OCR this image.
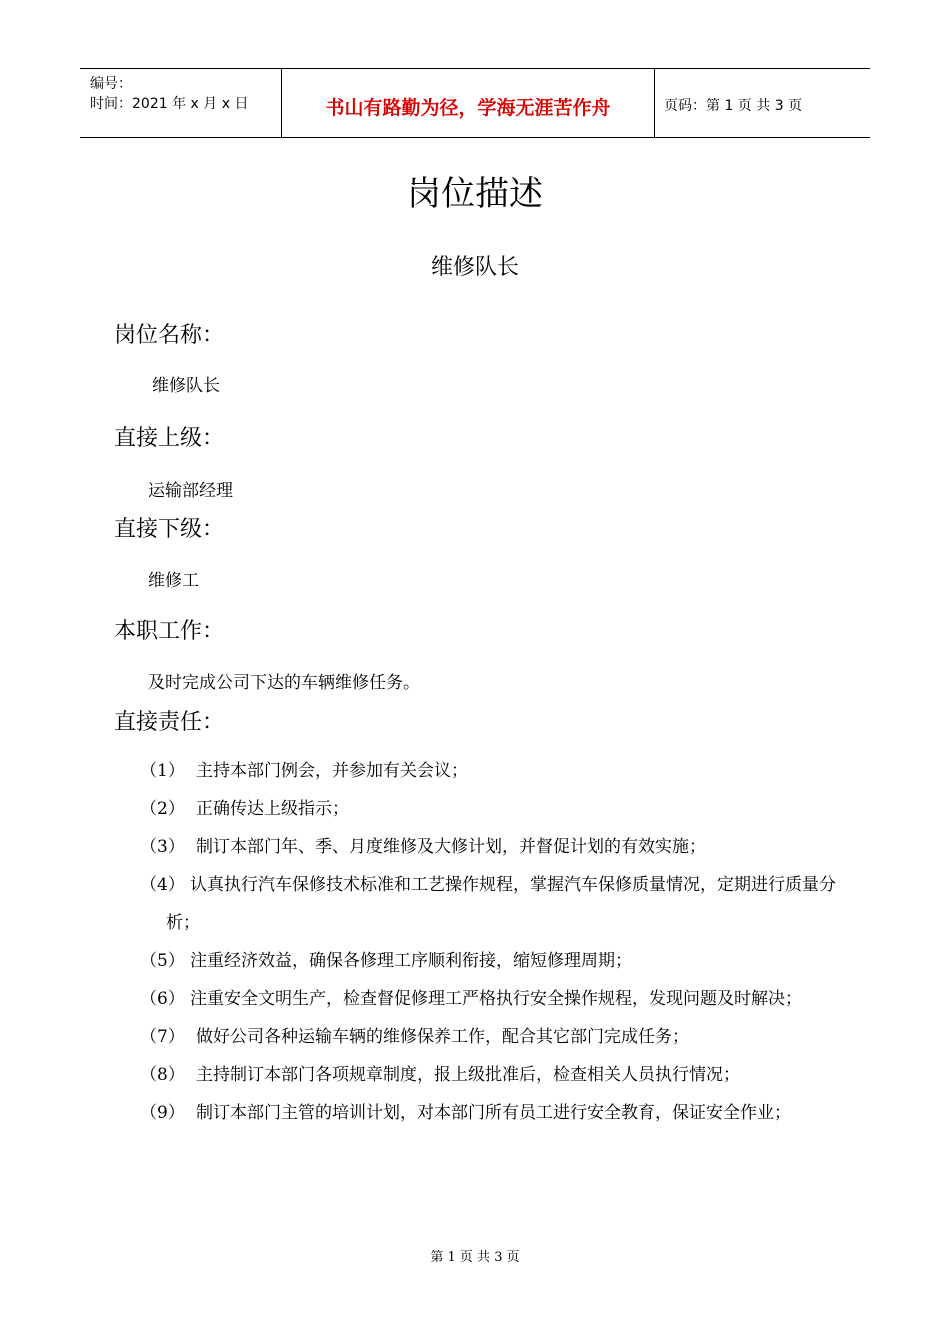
编号：
时间：2021 年 x 月 x 日	书山有路勤为径，学海无涯苦作舟	页码：第 1 页 共 3 页
岗位描述
维修队长
岗位名称：
维修队长
直接上级：
运输部经理
直接下级：
维修工
本职工作：
及时完成公司下达的车辆维修任务。
直接责任：
（1） 主持本部门例会，并参加有关会议；
（2） 正确传达上级指示；
（3） 制订本部门年、季、月度维修及大修计划，并督促计划的有效实施；
（4） 认真执行汽车保修技术标准和工艺操作规程，掌握汽车保修质量情况，定期进行质量分析；
（5） 注重经济效益，确保各修理工序顺利衔接，缩短修理周期；
（6） 注重安全文明生产，检查督促修理工严格执行安全操作规程，发现问题及时解决；
（7） 做好公司各种运输车辆的维修保养工作，配合其它部门完成任务；
（8） 主持制订本部门各项规章制度，报上级批准后，检查相关人员执行情况；
（9） 制订本部门主管的培训计划，对本部门所有员工进行安全教育，保证安全作业；
第 1 页 共 3 页
